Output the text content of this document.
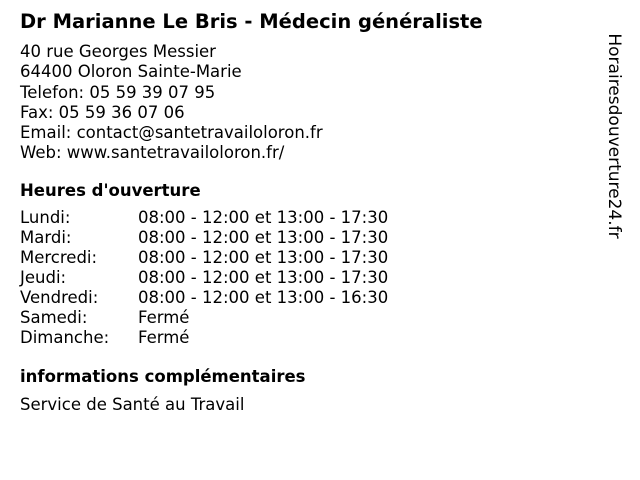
Dr Marianne Le Bris - Médecin généraliste
40 rue Georges Messier
64400 Oloron Sainte-Marie
Telefon: 05 59 39 07 95
Fax: 05 59 36 07 06
Email: contact@santetravailoloron.fr
Web: www.santetravailoloron.fr/
Heures d'ouverture
Lundi:	08:00 - 12:00 et 13:00 - 17:30
Mardi:	08:00 - 12:00 et 13:00 - 17:30
Mercredi:	08:00 - 12:00 et 13:00 - 17:30
Jeudi:	08:00 - 12:00 et 13:00 - 17:30
Vendredi:	08:00 - 12:00 et 13:00 - 16:30
Samedi:	Fermé
Dimanche:	Fermé
informations complémentaires
Service de Santé au Travail
Horairesdouverture24.fr
